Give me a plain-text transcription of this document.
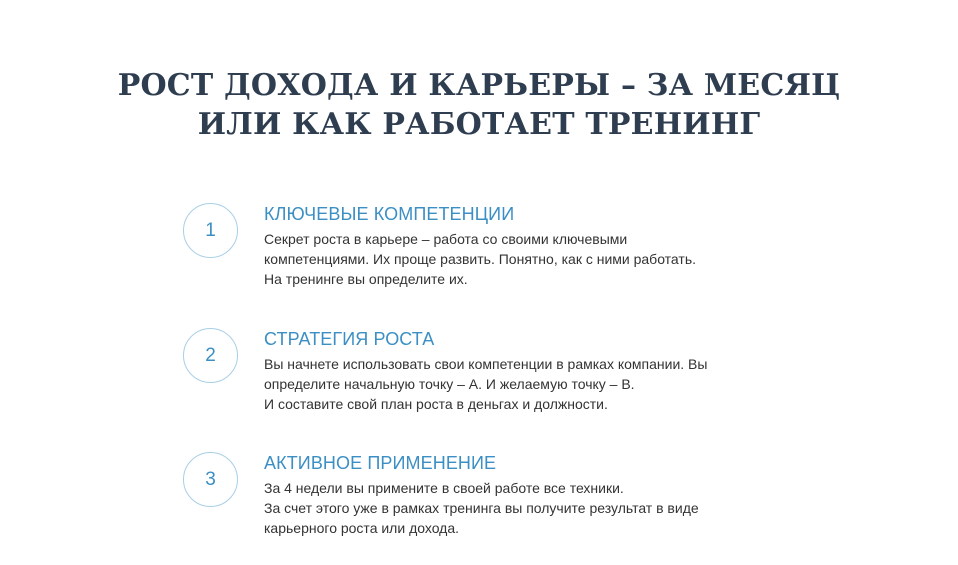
РОСТ ДОХОДА И КАРЬЕРЫ – ЗА МЕСЯЦ
ИЛИ КАК РАБОТАЕТ ТРЕНИНГ
1
КЛЮЧЕВЫЕ КОМПЕТЕНЦИИ

Секрет роста в карьере – работа со своими ключевыми
компетенциями. Их проще развить. Понятно, как с ними работать.
На тренинге вы определите их.

2
СТРАТЕГИЯ РОСТА

Вы начнете использовать свои компетенции в рамках компании. Вы
определите начальную точку – А. И желаемую точку – В.
И составите свой план роста в деньгах и должности.

3
АКТИВНОЕ ПРИМЕНЕНИЕ

За 4 недели вы примените в своей работе все техники.
За счет этого уже в рамках тренинга вы получите результат в виде
карьерного роста или дохода.
